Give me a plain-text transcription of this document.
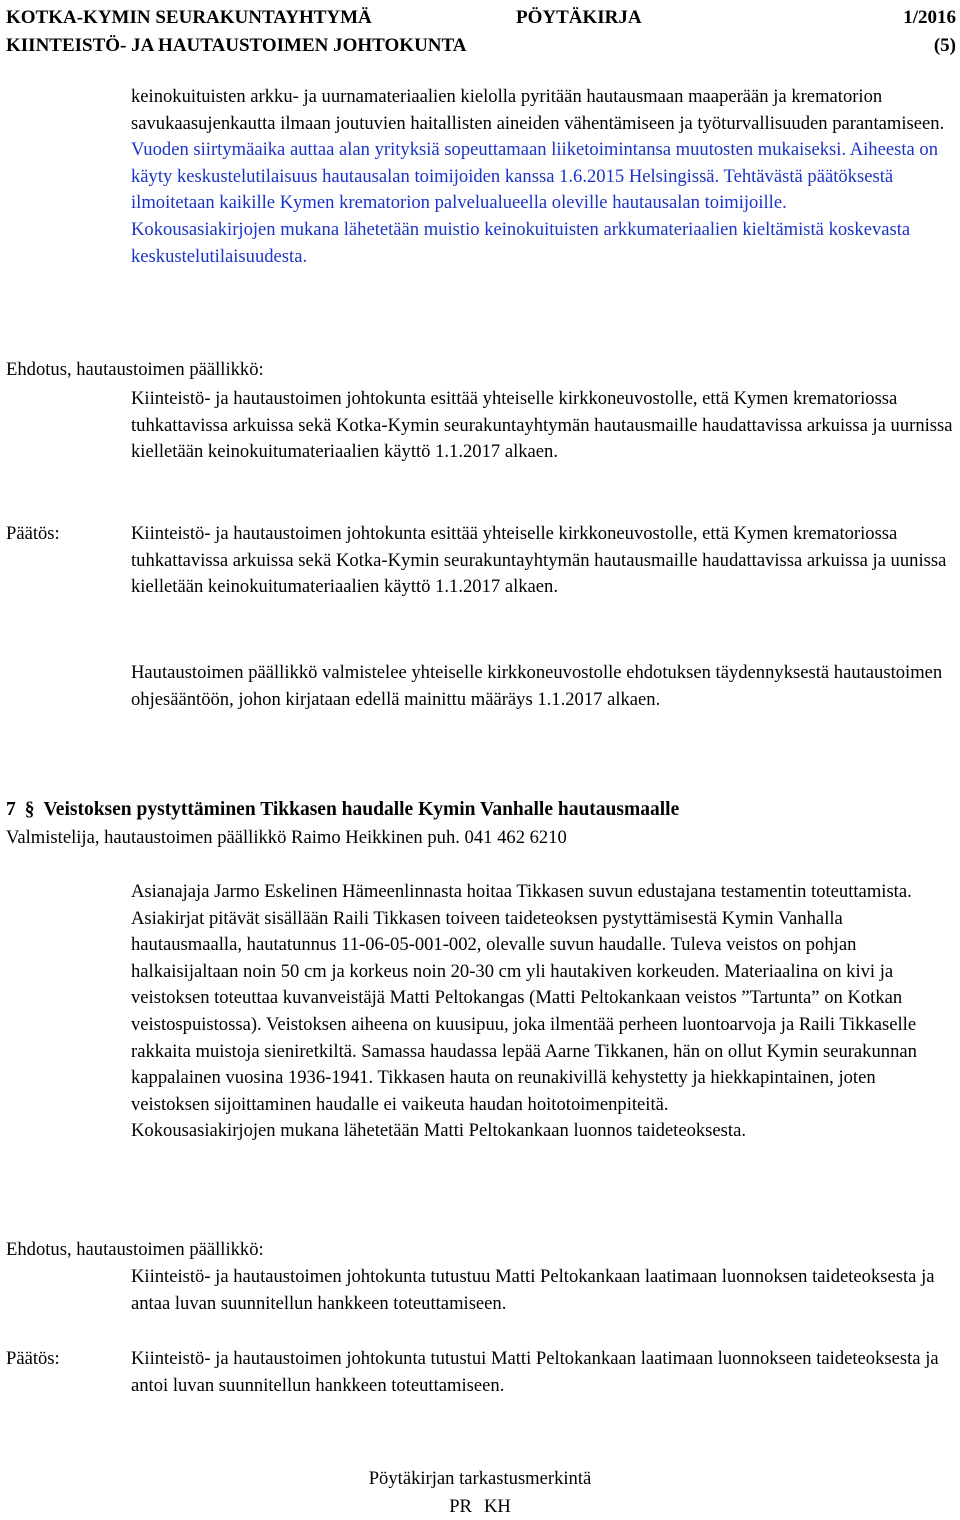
KOTKA-KYMIN SEURAKUNTAYHTYMÄ	PÖYTÄKIRJA	1/2016
KIINTEISTÖ- JA HAUTAUSTOIMEN JOHTOKUNTA	(5)
keinokuituisten arkku- ja uurnamateriaalien kielolla pyritään hautausmaan maaperään ja krematorion savukaasujenkautta ilmaan joutuvien haitallisten aineiden vähentämiseen ja työturvallisuuden parantamiseen. Vuoden siirtymäaika auttaa alan yrityksiä sopeuttamaan liiketoimintansa muutosten mukaiseksi. Aiheesta on käyty keskustelutilaisuus hautausalan toimijoiden kanssa 1.6.2015 Helsingissä. Tehtävästä päätöksestä ilmoitetaan kaikille Kymen krematorion palvelualueella oleville hautausalan toimijoille.
Kokousasiakirjojen mukana lähetetään muistio keinokuituisten arkkumateriaalien kieltämistä koskevasta keskustelutilaisuudesta.
Ehdotus, hautaustoimen päällikkö:
Kiinteistö- ja hautaustoimen johtokunta esittää yhteiselle kirkkoneuvostolle, että Kymen krematoriossa tuhkattavissa arkuissa sekä Kotka-Kymin seurakuntayhtymän hautausmaille haudattavissa arkuissa ja uurnissa kielletään keinokuitumateriaalien käyttö 1.1.2017 alkaen.
Päätös:	Kiinteistö- ja hautaustoimen johtokunta esittää yhteiselle kirkkoneuvostolle, että Kymen krematoriossa tuhkattavissa arkuissa sekä Kotka-Kymin seurakuntayhtymän hautausmaille haudattavissa arkuissa ja uunissa kielletään keinokuitumateriaalien käyttö 1.1.2017 alkaen.
Hautaustoimen päällikkö valmistelee yhteiselle kirkkoneuvostolle ehdotuksen täydennyksestä hautaustoimen ohjesääntöön, johon kirjataan edellä mainittu määräys 1.1.2017 alkaen.
7 § Veistoksen pystyttäminen Tikkasen haudalle Kymin Vanhalle hautausmaalle
Valmistelija, hautaustoimen päällikkö Raimo Heikkinen puh. 041 462 6210
Asianajaja Jarmo Eskelinen Hämeenlinnasta hoitaa Tikkasen suvun edustajana testamentin toteuttamista. Asiakirjat pitävät sisällään Raili Tikkasen toiveen taideteoksen pystyttämisestä Kymin Vanhalla hautausmaalla, hautatunnus 11-06-05-001-002, olevalle suvun haudalle. Tuleva veistos on pohjan halkaisijaltaan noin 50 cm ja korkeus noin 20-30 cm yli hautakiven korkeuden. Materiaalina on kivi ja veistoksen toteuttaa kuvanveistäjä Matti Peltokangas (Matti Peltokankaan veistos ”Tartunta” on Kotkan veistospuistossa). Veistoksen aiheena on kuusipuu, joka ilmentää perheen luontoarvoja ja Raili Tikkaselle rakkaita muistoja sieniretkiltä. Samassa haudassa lepää Aarne Tikkanen, hän on ollut Kymin seurakunnan kappalainen vuosina 1936-1941. Tikkasen hauta on reunakivillä kehystetty ja hiekkapintainen, joten veistoksen sijoittaminen haudalle ei vaikeuta haudan hoitotoimenpiteitä.
Kokousasiakirjojen mukana lähetetään Matti Peltokankaan luonnos taideteoksesta.
Ehdotus, hautaustoimen päällikkö:
Kiinteistö- ja hautaustoimen johtokunta tutustuu Matti Peltokankaan laatimaan luonnoksen taideteoksesta ja antaa luvan suunnitellun hankkeen toteuttamiseen.
Päätös:	Kiinteistö- ja hautaustoimen johtokunta tutustui Matti Peltokankaan laatimaan luonnokseen taideteoksesta ja antoi luvan suunnitellun hankkeen toteuttamiseen.
Pöytäkirjan tarkastusmerkintä
PR KH
